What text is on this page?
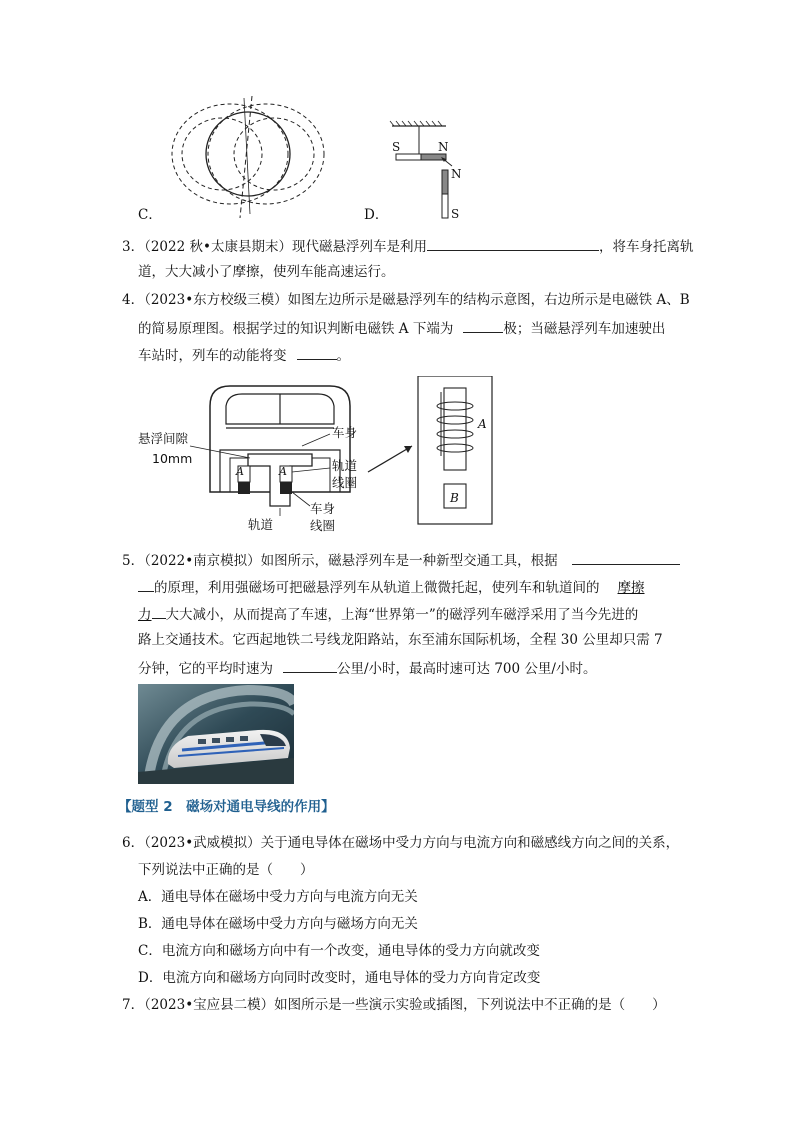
C．
S	N
N
S
D．
3．（2022 秋•太康县期末）现代磁悬浮列车是利用	，将车身托离轨
道，大大减小了摩擦，使列车能高速运行。
4．（2023•东方校级三模）如图左边所示是磁悬浮列车的结构示意图，右边所示是电磁铁 A、B
的简易原理图。根据学过的知识判断电磁铁 A 下端为	极；当磁悬浮列车加速驶出
车站时，列车的动能将变	。
悬浮间隙
10mm
车身
轨道
线圈
车身
线圈
轨道
A	A
A
B
5．（2022•南京模拟）如图所示，磁悬浮列车是一种新型交通工具，根据
的原理，利用强磁场可把磁悬浮列车从轨道上微微托起，使列车和轨道间的 摩擦
力 大大减小，从而提高了车速，上海“世界第一”的磁浮列车磁浮采用了当今先进的
路上交通技术。它西起地铁二号线龙阳路站，东至浦东国际机场，全程 30 公里却只需 7
分钟，它的平均时速为	公里/小时，最高时速可达 700 公里/小时。
【题型 2　磁场对通电导线的作用】
6．（2023•武威模拟）关于通电导体在磁场中受力方向与电流方向和磁感线方向之间的关系，
下列说法中正确的是（　　）
A．通电导体在磁场中受力方向与电流方向无关
B．通电导体在磁场中受力方向与磁场方向无关
C．电流方向和磁场方向中有一个改变，通电导体的受力方向就改变
D．电流方向和磁场方向同时改变时，通电导体的受力方向肯定改变
7．（2023•宝应县二模）如图所示是一些演示实验或插图，下列说法中不正确的是（　　）
